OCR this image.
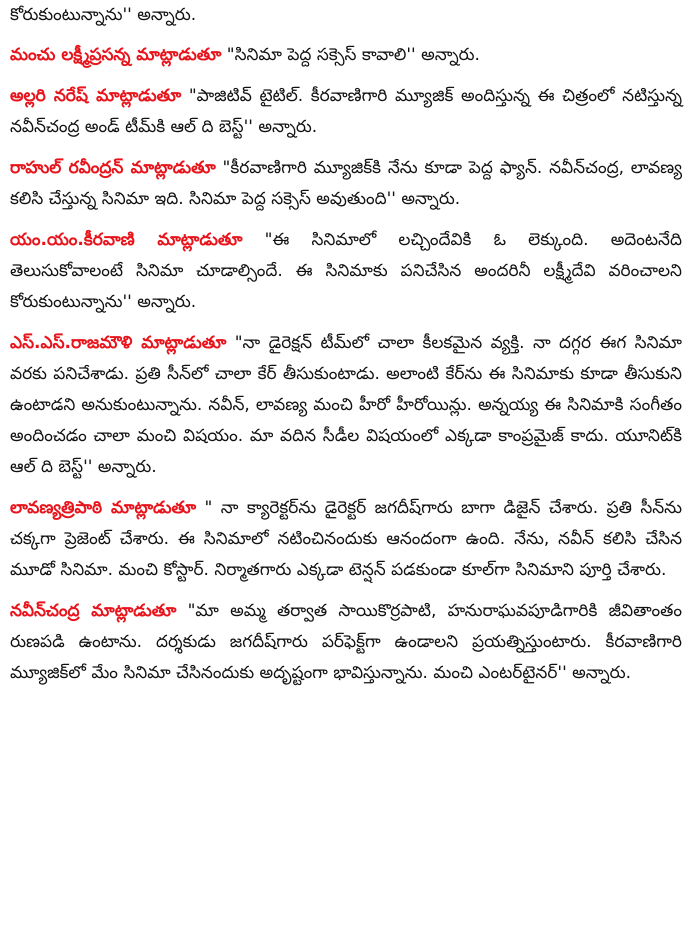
కోరుకుంటున్నాను'' అన్నారు.

మంచు లక్ష్మీప్రసన్న మాట్లాడుతూ "సినిమా పెద్ద సక్సెస్ కావాలి'' అన్నారు.

అల్లరి నరేష్ మాట్లాడుతూ "పాజిటివ్ టైటిల్. కీరవాణిగారి మ్యూజిక్ అందిస్తున్న ఈ చిత్రంలో నటిస్తున్న నవీన్‌చంద్ర అండ్ టీమ్‌కి ఆల్ ది బెస్ట్'' అన్నారు.

రాహుల్ రవీంద్రన్ మాట్లాడుతూ "కీరవాణిగారి మ్యూజిక్‌కి నేను కూడా పెద్ద ఫ్యాన్. నవీన్‌చంద్ర, లావణ్య కలిసి చేస్తున్న సినిమా ఇది. సినిమా పెద్ద సక్సెస్ అవుతుంది'' అన్నారు.

యం.యం.కీరవాణి మాట్లాడుతూ "ఈ సినిమాలో లచ్చిందేవికి ఓ లెక్కుంది. అదెంటనేది తెలుసుకోవాలంటే సినిమా చూడాల్సిందే. ఈ సినిమాకు పనిచేసిన అందరినీ లక్ష్మీదేవి వరించాలని కోరుకుంటున్నాను'' అన్నారు.

ఎస్.ఎస్.రాజమౌళి మాట్లాడుతూ "నా డైరెక్షన్ టీమ్‌లో చాలా కీలకమైన వ్యక్తి. నా దగ్గర ఈగ సినిమా వరకు పనిచేశాడు. ప్రతి సీన్‌లో చాలా కేర్ తీసుకుంటాడు. అలాంటి కేర్‌ను ఈ సినిమాకు కూడా తీసుకుని ఉంటాడని అనుకుంటున్నాను. నవీన్, లావణ్య మంచి హీరో హీరోయిన్లు. అన్నయ్య ఈ సినిమాకి సంగీతం అందించడం చాలా మంచి విషయం. మా వదిన సీడీల విషయంలో ఎక్కడా కాంప్రమైజ్ కాదు. యూనిట్‌కి ఆల్ ది బెస్ట్'' అన్నారు.

లావణ్యత్రిపాఠి మాట్లాడుతూ " నా క్యారెక్టర్‌ను డైరెక్టర్ జగదీష్‌గారు బాగా డిజైన్ చేశారు. ప్రతి సీన్‌ను చక్కగా ప్రెజెంట్ చేశారు. ఈ సినిమాలో నటించినందుకు ఆనందంగా ఉంది. నేను, నవీన్ కలిసి చేసిన మూడో సినిమా. మంచి కోస్టార్. నిర్మాతగారు ఎక్కడా టెన్షన్ పడకుండా కూల్‌గా సినిమాని పూర్తి చేశారు.

నవీన్‌చంద్ర మాట్లాడుతూ "మా అమ్మ తర్వాత సాయికొర్రపాటి, హనురాఘవపూడిగారికి జీవితాంతం రుణపడి ఉంటాను. దర్శకుడు జగదీష్‌గారు పర్‌ఫెక్ట్‌గా ఉండాలని ప్రయత్నిస్తుంటారు. కీరవాణిగారి మ్యూజిక్‌లో మేం సినిమా చేసినందుకు అదృష్టంగా భావిస్తున్నాను. మంచి ఎంటర్‌టైనర్'' అన్నారు.
